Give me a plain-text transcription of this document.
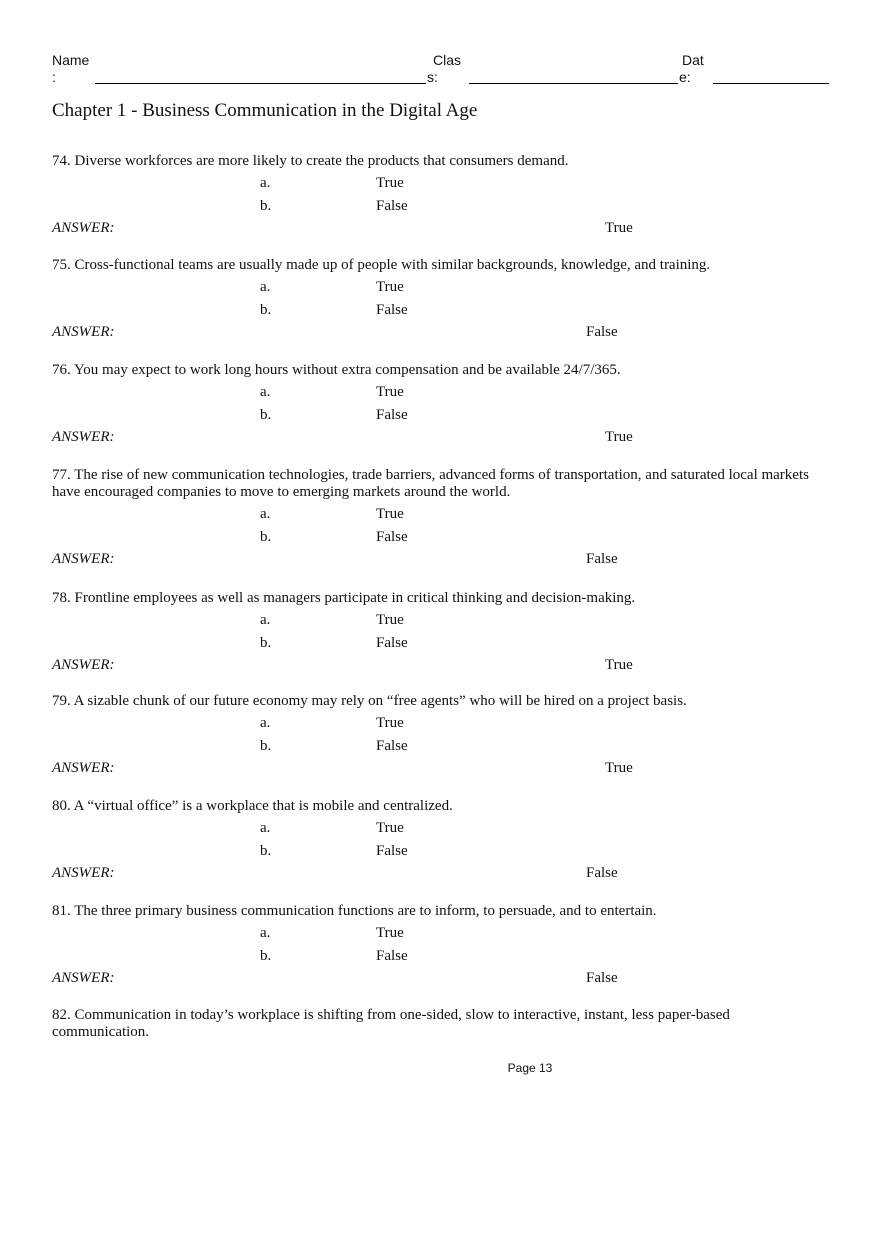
Name
:
Clas
s:
Dat
e:
Chapter 1 - Business Communication in the Digital Age

74. Diverse workforces are more likely to create the products that consumers demand.

a.	True
b.	False
ANSWER:	True

75. Cross-functional teams are usually made up of people with similar backgrounds, knowledge, and training.

a.	True
b.	False
ANSWER:	False

76. You may expect to work long hours without extra compensation and be available 24/7/365.

a.	True
b.	False
ANSWER:	True

77. The rise of new communication technologies, trade barriers, advanced forms of transportation, and saturated local markets have encouraged companies to move to emerging markets around the world.

a.	True
b.	False
ANSWER:	False

78. Frontline employees as well as managers participate in critical thinking and decision-making.

a.	True
b.	False
ANSWER:	True

79. A sizable chunk of our future economy may rely on “free agents” who will be hired on a project basis.

a.	True
b.	False
ANSWER:	True

80. A “virtual office” is a workplace that is mobile and centralized.

a.	True
b.	False
ANSWER:	False

81. The three primary business communication functions are to inform, to persuade, and to entertain.

a.	True
b.	False
ANSWER:	False

82. Communication in today’s workplace is shifting from one-sided, slow to interactive, instant, less paper-based communication.

Page 13
